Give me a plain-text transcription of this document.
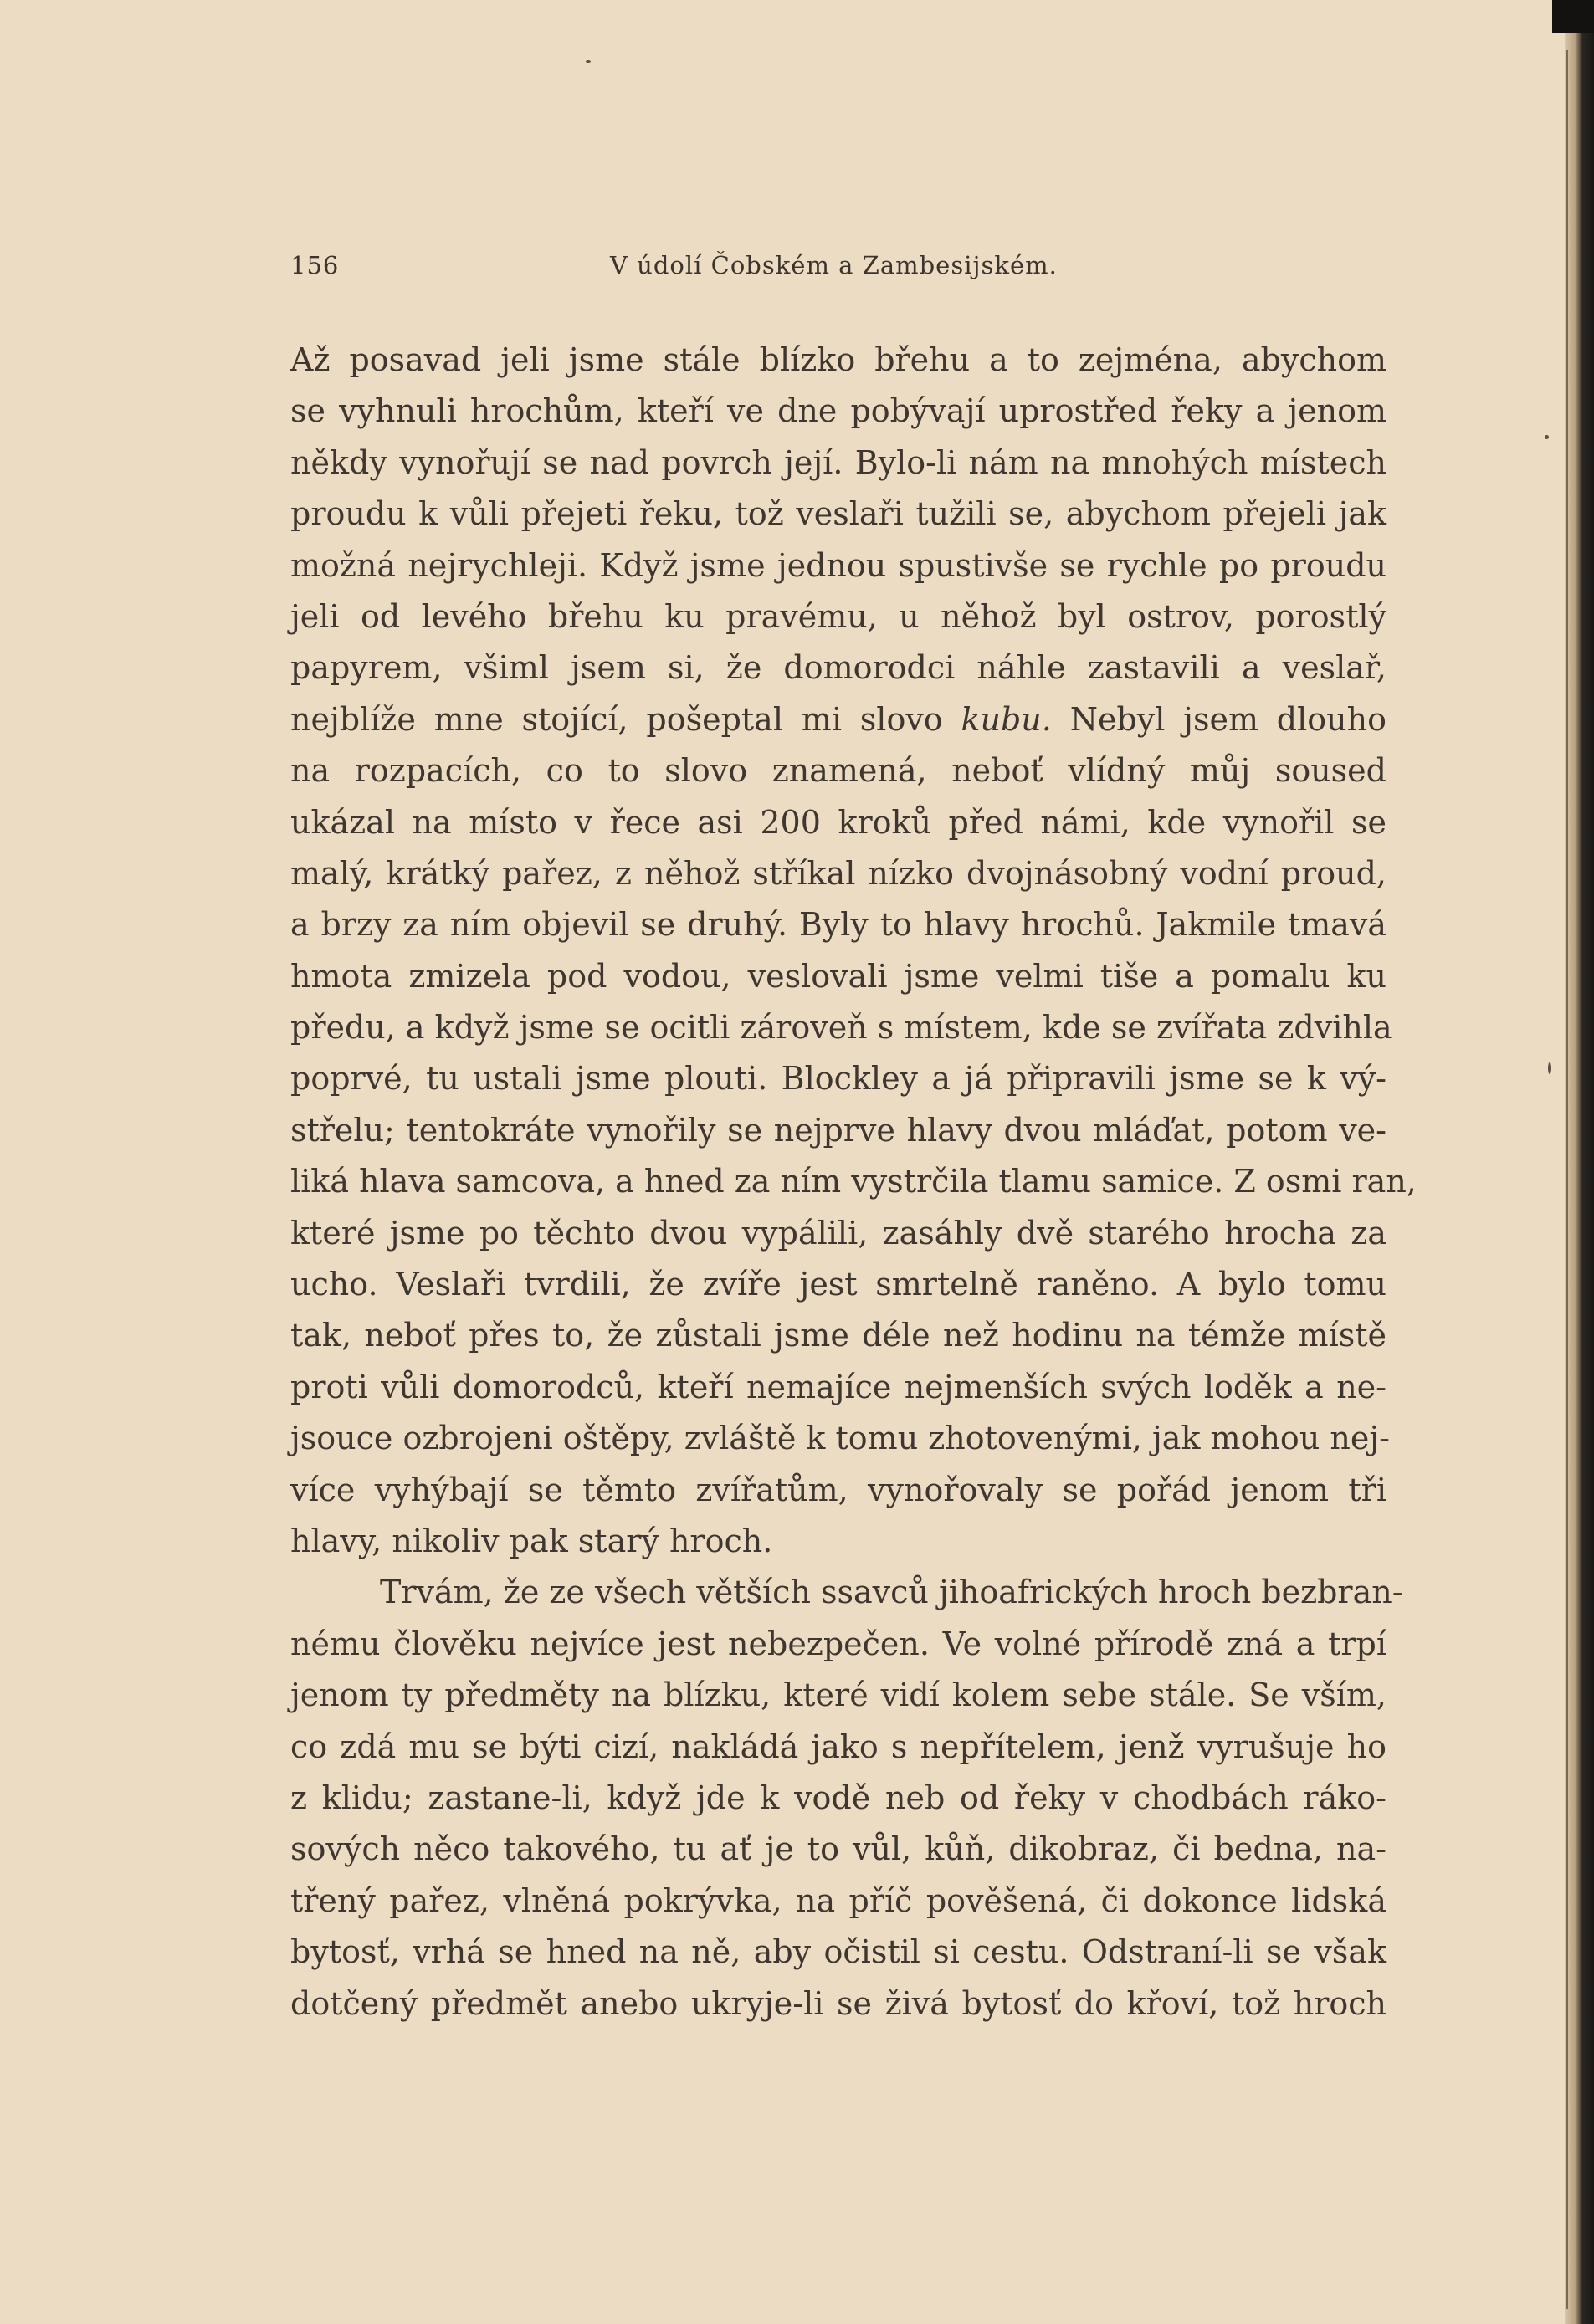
156	V údolí Čobském a Zambesijském.
Až posavad jeli jsme stále blízko břehu a to zejména, abychom
se vyhnuli hrochům, kteří ve dne pobývají uprostřed řeky a jenom
někdy vynořují se nad povrch její. Bylo-li nám na mnohých místech
proudu k vůli přejeti řeku, tož veslaři tužili se, abychom přejeli jak
možná nejrychleji. Když jsme jednou spustivše se rychle po proudu
jeli od levého břehu ku pravému, u něhož byl ostrov, porostlý
papyrem, všiml jsem si, že domorodci náhle zastavili a veslař,
nejblíže mne stojící, pošeptal mi slovo kubu. Nebyl jsem dlouho
na rozpacích, co to slovo znamená, neboť vlídný můj soused
ukázal na místo v řece asi 200 kroků před námi, kde vynořil se
malý, krátký pařez, z něhož stříkal nízko dvojnásobný vodní proud,
a brzy za ním objevil se druhý. Byly to hlavy hrochů. Jakmile tmavá
hmota zmizela pod vodou, veslovali jsme velmi tiše a pomalu ku
předu, a když jsme se ocitli zároveň s místem, kde se zvířata zdvihla
poprvé, tu ustali jsme plouti. Blockley a já připravili jsme se k vý-
střelu; tentokráte vynořily se nejprve hlavy dvou mláďat, potom ve-
liká hlava samcova, a hned za ním vystrčila tlamu samice. Z osmi ran,
které jsme po těchto dvou vypálili, zasáhly dvě starého hrocha za
ucho. Veslaři tvrdili, že zvíře jest smrtelně raněno. A bylo tomu
tak, neboť přes to, že zůstali jsme déle než hodinu na témže místě
proti vůli domorodců, kteří nemajíce nejmenších svých loděk a ne-
jsouce ozbrojeni oštěpy, zvláště k tomu zhotovenými, jak mohou nej-
více vyhýbají se těmto zvířatům, vynořovaly se pořád jenom tři
hlavy, nikoliv pak starý hroch.
Trvám, že ze všech větších ssavců jihoafrických hroch bezbran-
nému člověku nejvíce jest nebezpečen. Ve volné přírodě zná a trpí
jenom ty předměty na blízku, které vidí kolem sebe stále. Se vším,
co zdá mu se býti cizí, nakládá jako s nepřítelem, jenž vyrušuje ho
z klidu; zastane-li, když jde k vodě neb od řeky v chodbách ráko-
sových něco takového, tu ať je to vůl, kůň, dikobraz, či bedna, na-
třený pařez, vlněná pokrývka, na příč pověšená, či dokonce lidská
bytosť, vrhá se hned na ně, aby očistil si cestu. Odstraní-li se však
dotčený předmět anebo ukryje-li se živá bytosť do křoví, tož hroch
